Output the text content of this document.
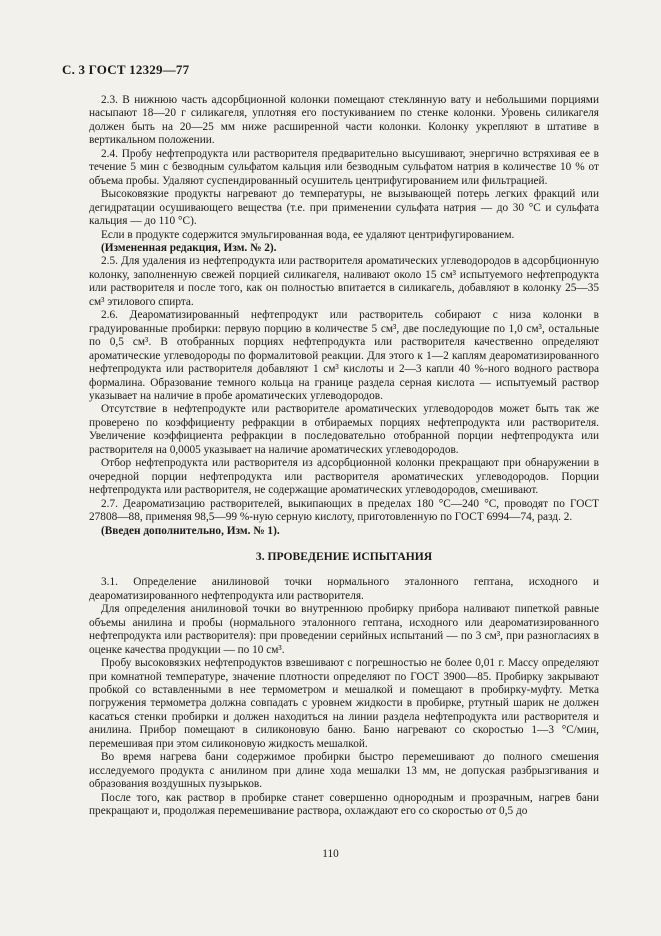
С. 3 ГОСТ 12329—77

2.3. В нижнюю часть адсорбционной колонки помещают стеклянную вату и небольшими порциями насыпают 18—20 г силикагеля, уплотняя его постукиванием по стенке колонки. Уровень силикагеля должен быть на 20—25 мм ниже расширенной части колонки. Колонку укрепляют в штативе в вертикальном положении.

2.4. Пробу нефтепродукта или растворителя предварительно высушивают, энергично встряхивая ее в течение 5 мин с безводным сульфатом кальция или безводным сульфатом натрия в количестве 10 % от объема пробы. Удаляют суспендированный осушитель центрифугированием или фильтрацией.

Высоковязкие продукты нагревают до температуры, не вызывающей потерь легких фракций или дегидратации осушивающего вещества (т.е. при применении сульфата натрия — до 30 °С и сульфата кальция — до 110 °С).

Если в продукте содержится эмульгированная вода, ее удаляют центрифугированием.

(Измененная редакция, Изм. № 2).

2.5. Для удаления из нефтепродукта или растворителя ароматических углеводородов в адсорбционную колонку, заполненную свежей порцией силикагеля, наливают около 15 см³ испытуемого нефтепродукта или растворителя и после того, как он полностью впитается в силикагель, добавляют в колонку 25—35 см³ этилового спирта.

2.6. Деароматизированный нефтепродукт или растворитель собирают с низа колонки в градуированные пробирки: первую порцию в количестве 5 см³, две последующие по 1,0 см³, остальные по 0,5 см³. В отобранных порциях нефтепродукта или растворителя качественно определяют ароматические углеводороды по формалитовой реакции. Для этого к 1—2 каплям деароматизированного нефтепродукта или растворителя добавляют 1 см³ кислоты и 2—3 капли 40 %-ного водного раствора формалина. Образование темного кольца на границе раздела серная кислота — испытуемый раствор указывает на наличие в пробе ароматических углеводородов.

Отсутствие в нефтепродукте или растворителе ароматических углеводородов может быть так же проверено по коэффициенту рефракции в отбираемых порциях нефтепродукта или растворителя. Увеличение коэффициента рефракции в последовательно отобранной порции нефтепродукта или растворителя на 0,0005 указывает на наличие ароматических углеводородов.

Отбор нефтепродукта или растворителя из адсорбционной колонки прекращают при обнаружении в очередной порции нефтепродукта или растворителя ароматических углеводородов. Порции нефтепродукта или растворителя, не содержащие ароматических углеводородов, смешивают.

2.7. Деароматизацию растворителей, выкипающих в пределах 180 °С—240 °С, проводят по ГОСТ 27808—88, применяя 98,5—99 %-ную серную кислоту, приготовленную по ГОСТ 6994—74, разд. 2.

(Введен дополнительно, Изм. № 1).

3. ПРОВЕДЕНИЕ ИСПЫТАНИЯ

3.1. Определение анилиновой точки нормального эталонного гептана, исходного и деароматизированного нефтепродукта или растворителя.

Для определения анилиновой точки во внутреннюю пробирку прибора наливают пипеткой равные объемы анилина и пробы (нормального эталонного гептана, исходного или деароматизированного нефтепродукта или растворителя): при проведении серийных испытаний — по 3 см³, при разногласиях в оценке качества продукции — по 10 см³.

Пробу высоковязких нефтепродуктов взвешивают с погрешностью не более 0,01 г. Массу определяют при комнатной температуре, значение плотности определяют по ГОСТ 3900—85. Пробирку закрывают пробкой со вставленными в нее термометром и мешалкой и помещают в пробирку-муфту. Метка погружения термометра должна совпадать с уровнем жидкости в пробирке, ртутный шарик не должен касаться стенки пробирки и должен находиться на линии раздела нефтепродукта или растворителя и анилина. Прибор помещают в силиконовую баню. Баню нагревают со скоростью 1—3 °С/мин, перемешивая при этом силиконовую жидкость мешалкой.

Во время нагрева бани содержимое пробирки быстро перемешивают до полного смешения исследуемого продукта с анилином при длине хода мешалки 13 мм, не допуская разбрызгивания и образования воздушных пузырьков.

После того, как раствор в пробирке станет совершенно однородным и прозрачным, нагрев бани прекращают и, продолжая перемешивание раствора, охлаждают его со скоростью от 0,5 до

110
